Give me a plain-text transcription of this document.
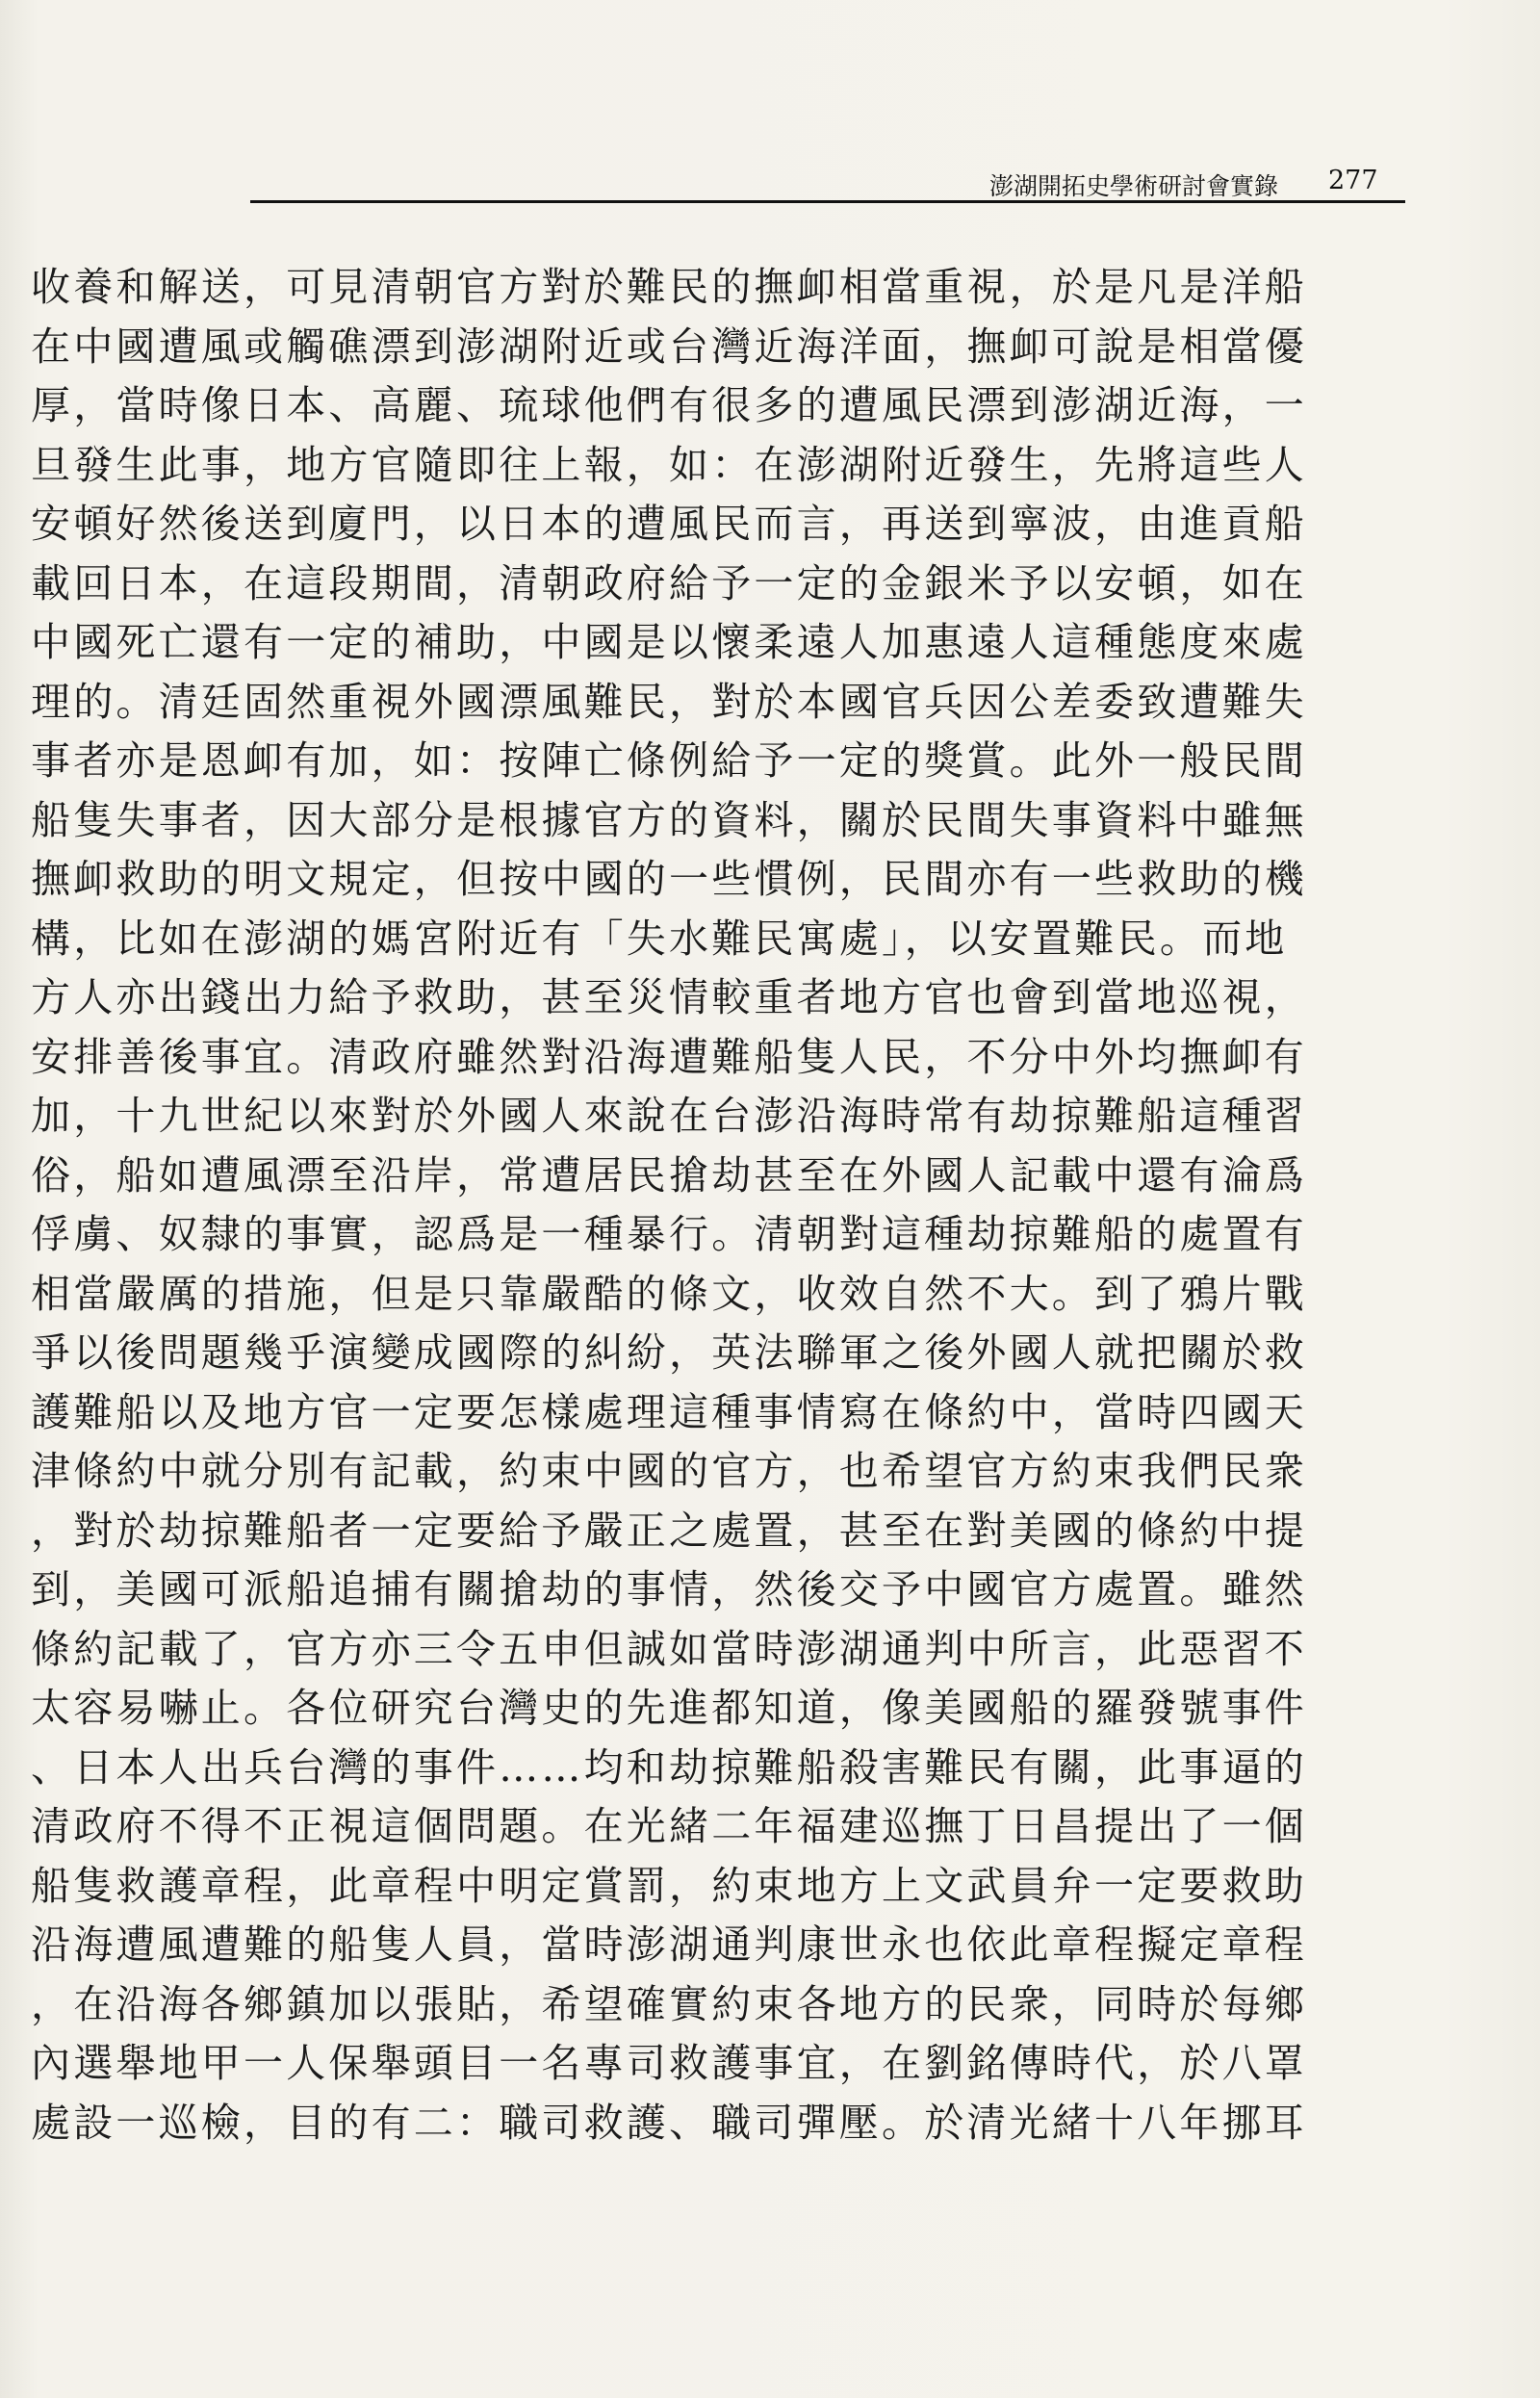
澎湖開拓史學術研討會實錄 277
收養和解送，可見清朝官方對於難民的撫卹相當重視，於是凡是洋船
在中國遭風或觸礁漂到澎湖附近或台灣近海洋面，撫卹可說是相當優
厚，當時像日本、高麗、琉球他們有很多的遭風民漂到澎湖近海，一
旦發生此事，地方官隨即往上報，如：在澎湖附近發生，先將這些人
安頓好然後送到廈門，以日本的遭風民而言，再送到寧波，由進貢船
載回日本，在這段期間，清朝政府給予一定的金銀米予以安頓，如在
中國死亡還有一定的補助，中國是以懷柔遠人加惠遠人這種態度來處
理的。清廷固然重視外國漂風難民，對於本國官兵因公差委致遭難失
事者亦是恩卹有加，如：按陣亡條例給予一定的獎賞。此外一般民間
船隻失事者，因大部分是根據官方的資料，關於民間失事資料中雖無
撫卹救助的明文規定，但按中國的一些慣例，民間亦有一些救助的機
構，比如在澎湖的媽宮附近有「失水難民寓處」，以安置難民。而地
方人亦出錢出力給予救助，甚至災情較重者地方官也會到當地巡視，
安排善後事宜。清政府雖然對沿海遭難船隻人民，不分中外均撫卹有
加，十九世紀以來對於外國人來說在台澎沿海時常有劫掠難船這種習
俗，船如遭風漂至沿岸，常遭居民搶劫甚至在外國人記載中還有淪爲
俘虜、奴隸的事實，認爲是一種暴行。清朝對這種劫掠難船的處置有
相當嚴厲的措施，但是只靠嚴酷的條文，收效自然不大。到了鴉片戰
爭以後問題幾乎演變成國際的糾紛，英法聯軍之後外國人就把關於救
護難船以及地方官一定要怎樣處理這種事情寫在條約中，當時四國天
津條約中就分別有記載，約束中國的官方，也希望官方約束我們民衆
，對於劫掠難船者一定要給予嚴正之處置，甚至在對美國的條約中提
到，美國可派船追捕有關搶劫的事情，然後交予中國官方處置。雖然
條約記載了，官方亦三令五申但誠如當時澎湖通判中所言，此惡習不
太容易嚇止。各位研究台灣史的先進都知道，像美國船的羅發號事件
、日本人出兵台灣的事件……均和劫掠難船殺害難民有關，此事逼的
清政府不得不正視這個問題。在光緒二年福建巡撫丁日昌提出了一個
船隻救護章程，此章程中明定賞罰，約束地方上文武員弁一定要救助
沿海遭風遭難的船隻人員，當時澎湖通判康世永也依此章程擬定章程
，在沿海各鄉鎮加以張貼，希望確實約束各地方的民衆，同時於每鄉
內選舉地甲一人保舉頭目一名專司救護事宜，在劉銘傳時代，於八罩
處設一巡檢，目的有二：職司救護、職司彈壓。於清光緒十八年挪耳
